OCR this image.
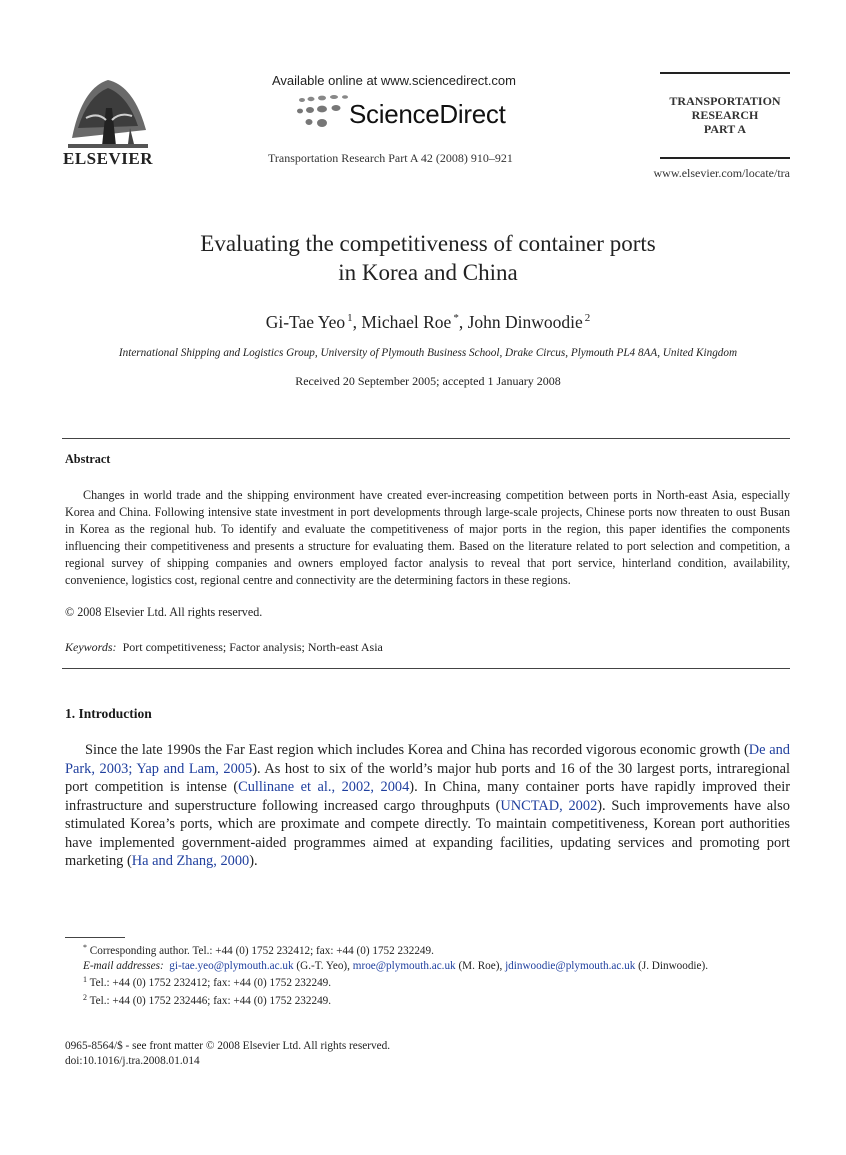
ELSEVIER
Available online at www.sciencedirect.com
ScienceDirect
Transportation Research Part A 42 (2008) 910–921
TRANSPORTATION
RESEARCH
PART A
www.elsevier.com/locate/tra
Evaluating the competitiveness of container ports
in Korea and China
Gi-Tae Yeo $^1$, Michael Roe *, John Dinwoodie $^2$
International Shipping and Logistics Group, University of Plymouth Business School, Drake Circus, Plymouth PL4 8AA, United Kingdom
Received 20 September 2005; accepted 1 January 2008
Abstract

Changes in world trade and the shipping environment have created ever-increasing competition between ports in North-east Asia, especially Korea and China. Following intensive state investment in port developments through large-scale projects, Chinese ports now threaten to oust Busan in Korea as the regional hub. To identify and evaluate the competitiveness of major ports in the region, this paper identifies the components influencing their competitiveness and presents a structure for evaluating them. Based on the literature related to port selection and competition, a regional survey of shipping companies and owners employed factor analysis to reveal that port service, hinterland condition, availability, convenience, logistics cost, regional centre and connectivity are the determining factors in these regions.

© 2008 Elsevier Ltd. All rights reserved.
Keywords: Port competitiveness; Factor analysis; North-east Asia
1. Introduction

Since the late 1990s the Far East region which includes Korea and China has recorded vigorous economic growth (De and Park, 2003; Yap and Lam, 2005). As host to six of the world’s major hub ports and 16 of the 30 largest ports, intraregional port competition is intense (Cullinane et al., 2002, 2004). In China, many container ports have rapidly improved their infrastructure and superstructure following increased cargo throughputs (UNCTAD, 2002). Such improvements have also stimulated Korea’s ports, which are proximate and compete directly. To maintain competitiveness, Korean port authorities have implemented government-aided programmes aimed at expanding facilities, updating services and promoting port marketing (Ha and Zhang, 2000).

* Corresponding author. Tel.: +44 (0) 1752 232412; fax: +44 (0) 1752 232249.

E-mail addresses: gi-tae.yeo@plymouth.ac.uk (G.-T. Yeo), mroe@plymouth.ac.uk (M. Roe), jdinwoodie@plymouth.ac.uk (J. Dinwoodie).

$^1$ Tel.: +44 (0) 1752 232412; fax: +44 (0) 1752 232249.

$^2$ Tel.: +44 (0) 1752 232446; fax: +44 (0) 1752 232249.

0965-8564/$ - see front matter © 2008 Elsevier Ltd. All rights reserved.
doi:10.1016/j.tra.2008.01.014
